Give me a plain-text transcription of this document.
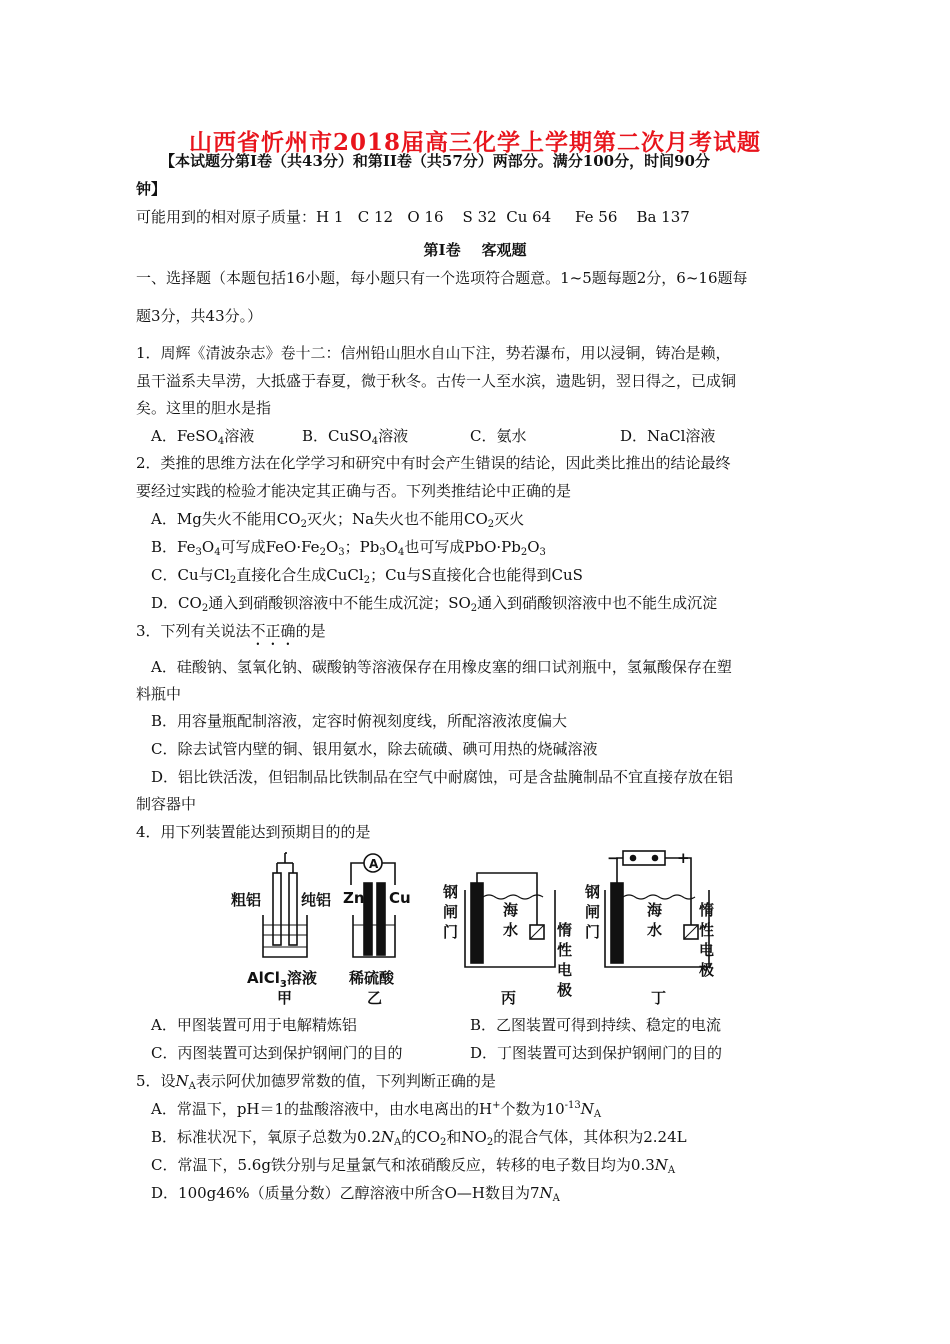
山西省忻州市2018届高三化学上学期第二次月考试题
【本试题分第Ⅰ卷（共43分）和第II卷（共57分）两部分。满分100分，时间90分
钟】
可能用到的相对原子质量：H 1   C 12   O 16    S 32  Cu 64     Fe 56    Ba 137
第Ⅰ卷    客观题
一、选择题（本题包括16小题，每小题只有一个选项符合题意。1~5题每题2分，6~16题每
题3分，共43分。）
1．周辉《清波杂志》卷十二：信州铅山胆水自山下注，势若瀑布，用以浸铜，铸冶是赖，
虽干溢系夫旱涝，大抵盛于春夏，微于秋冬。古传一人至水滨，遗匙钥，翌日得之，已成铜
矣。这里的胆水是指
A．FeSO$_4$溶液	B．CuSO$_4$溶液	C．氨水	D．NaCl溶液
2．类推的思维方法在化学学习和研究中有时会产生错误的结论，因此类比推出的结论最终
要经过实践的检验才能决定其正确与否。下列类推结论中正确的是
A．Mg失火不能用$CO_2$灭火；Na失火也不能用$CO_2$灭火
B．$Fe_3O_4$可写成$FeO\cdot Fe_2O_3$；$Pb_3O_4$也可写成$PbO\cdot Pb_2O_3$
C．Cu与$Cl_2$直接化合生成CuCl$_2$；Cu与S直接化合也能得到CuS
D．$CO_2$通入到硝酸钡溶液中不能生成沉淀；$SO_2$通入到硝酸钡溶液中也不能生成沉淀
3．下列有关说法不正确的是
A．硅酸钠、氢氧化钠、碳酸钠等溶液保存在用橡皮塞的细口试剂瓶中，氢氟酸保存在塑
料瓶中
B．用容量瓶配制溶液，定容时俯视刻度线，所配溶液浓度偏大
C．除去试管内壁的铜、银用氨水，除去硫磺、碘可用热的烧碱溶液
D．铝比铁活泼，但铝制品比铁制品在空气中耐腐蚀，可是含盐腌制品不宜直接存放在铝
制容器中
4．用下列装置能达到预期目的的是
粗铝	纯铝
AlCl$_3$溶液
甲
A
Zn Cu
稀硫酸
乙
钢
闸
门
海
水	惰
性
电
极
丙
−	+
钢
闸
门
海
水
惰
性
电
极
丁
A．甲图装置可用于电解精炼铝	B．乙图装置可得到持续、稳定的电流
C．丙图装置可达到保护钢闸门的目的	D．丁图装置可达到保护钢闸门的目的
5．设$N_A$表示阿伏加德罗常数的值，下列判断正确的是
A．常温下，pH＝1的盐酸溶液中，由水电离出的H+个数为$10^{-13}N_A$
B．标准状况下，氧原子总数为$0.2N_A$的$CO_2$和$NO_2$的混合气体，其体积为2.24L
C．常温下，5.6g铁分别与足量氯气和浓硝酸反应，转移的电子数目均为$0.3N_A$
D．100g46%（质量分数）乙醇溶液中所含O—H数目为$7N_A$
